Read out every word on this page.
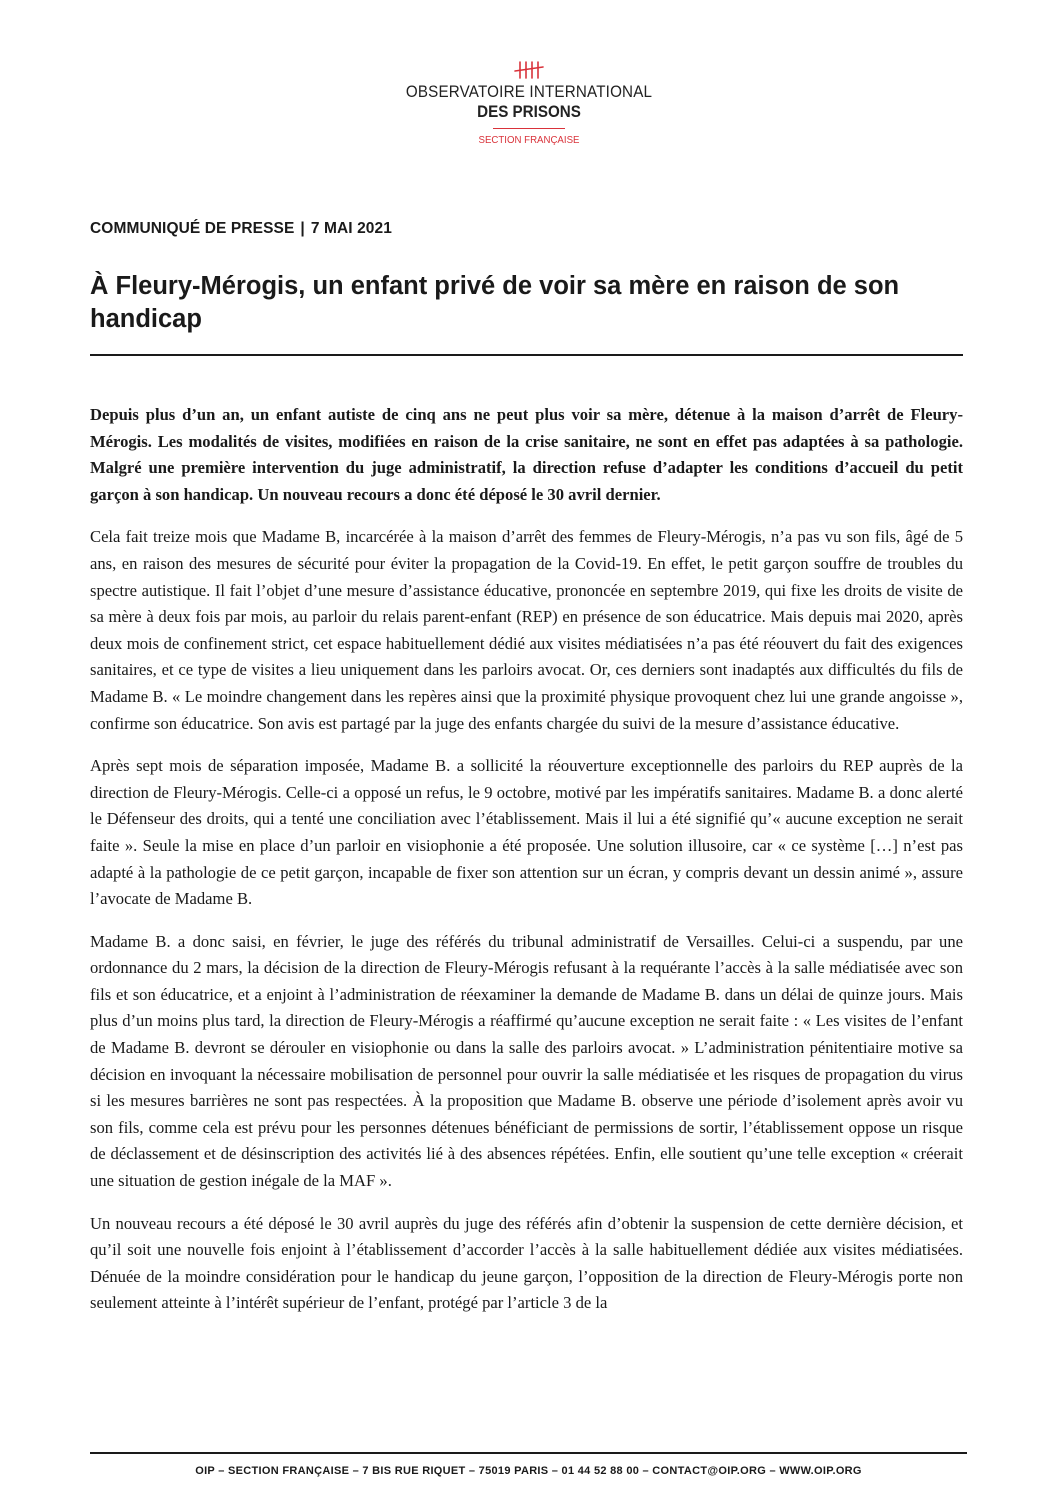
OBSERVATOIRE INTERNATIONAL
DES PRISONS
SECTION FRANÇAISE
COMMUNIQUÉ DE PRESSE | 7 MAI 2021
À Fleury-Mérogis, un enfant privé de voir sa mère en raison de son handicap

Depuis plus d’un an, un enfant autiste de cinq ans ne peut plus voir sa mère, détenue à la maison d’arrêt de Fleury-Mérogis. Les modalités de visites, modifiées en raison de la crise sanitaire, ne sont en effet pas adaptées à sa pathologie. Malgré une première intervention du juge administratif, la direction refuse d’adapter les conditions d’accueil du petit garçon à son handicap. Un nouveau recours a donc été déposé le 30 avril dernier.

Cela fait treize mois que Madame B, incarcérée à la maison d’arrêt des femmes de Fleury-Mérogis, n’a pas vu son fils, âgé de 5 ans, en raison des mesures de sécurité pour éviter la propagation de la Covid-19. En effet, le petit garçon souffre de troubles du spectre autistique. Il fait l’objet d’une mesure d’assistance éducative, prononcée en septembre 2019, qui fixe les droits de visite de sa mère à deux fois par mois, au parloir du relais parent-enfant (REP) en présence de son éducatrice. Mais depuis mai 2020, après deux mois de confinement strict, cet espace habituellement dédié aux visites médiatisées n’a pas été réouvert du fait des exigences sanitaires, et ce type de visites a lieu uniquement dans les parloirs avocat. Or, ces derniers sont inadaptés aux difficultés du fils de Madame B. « Le moindre changement dans les repères ainsi que la proximité physique provoquent chez lui une grande angoisse », confirme son éducatrice. Son avis est partagé par la juge des enfants chargée du suivi de la mesure d’assistance éducative.

Après sept mois de séparation imposée, Madame B. a sollicité la réouverture exceptionnelle des parloirs du REP auprès de la direction de Fleury-Mérogis. Celle-ci a opposé un refus, le 9 octobre, motivé par les impératifs sanitaires. Madame B. a donc alerté le Défenseur des droits, qui a tenté une conciliation avec l’établissement. Mais il lui a été signifié qu’« aucune exception ne serait faite ». Seule la mise en place d’un parloir en visiophonie a été proposée. Une solution illusoire, car « ce système […] n’est pas adapté à la pathologie de ce petit garçon, incapable de fixer son attention sur un écran, y compris devant un dessin animé », assure l’avocate de Madame B.

Madame B. a donc saisi, en février, le juge des référés du tribunal administratif de Versailles. Celui-ci a suspendu, par une ordonnance du 2 mars, la décision de la direction de Fleury-Mérogis refusant à la requérante l’accès à la salle médiatisée avec son fils et son éducatrice, et a enjoint à l’administration de réexaminer la demande de Madame B. dans un délai de quinze jours. Mais plus d’un moins plus tard, la direction de Fleury-Mérogis a réaffirmé qu’aucune exception ne serait faite : « Les visites de l’enfant de Madame B. devront se dérouler en visiophonie ou dans la salle des parloirs avocat. » L’administration pénitentiaire motive sa décision en invoquant la nécessaire mobilisation de personnel pour ouvrir la salle médiatisée et les risques de propagation du virus si les mesures barrières ne sont pas respectées. À la proposition que Madame B. observe une période d’isolement après avoir vu son fils, comme cela est prévu pour les personnes détenues bénéficiant de permissions de sortir, l’établissement oppose un risque de déclassement et de désinscription des activités lié à des absences répétées. Enfin, elle soutient qu’une telle exception « créerait une situation de gestion inégale de la MAF ».

Un nouveau recours a été déposé le 30 avril auprès du juge des référés afin d’obtenir la suspension de cette dernière décision, et qu’il soit une nouvelle fois enjoint à l’établissement d’accorder l’accès à la salle habituellement dédiée aux visites médiatisées. Dénuée de la moindre considération pour le handicap du jeune garçon, l’opposition de la direction de Fleury-Mérogis porte non seulement atteinte à l’intérêt supérieur de l’enfant, protégé par l’article 3 de la

OIP – SECTION FRANÇAISE – 7 BIS RUE RIQUET – 75019 PARIS – 01 44 52 88 00 – CONTACT@OIP.ORG – WWW.OIP.ORG
